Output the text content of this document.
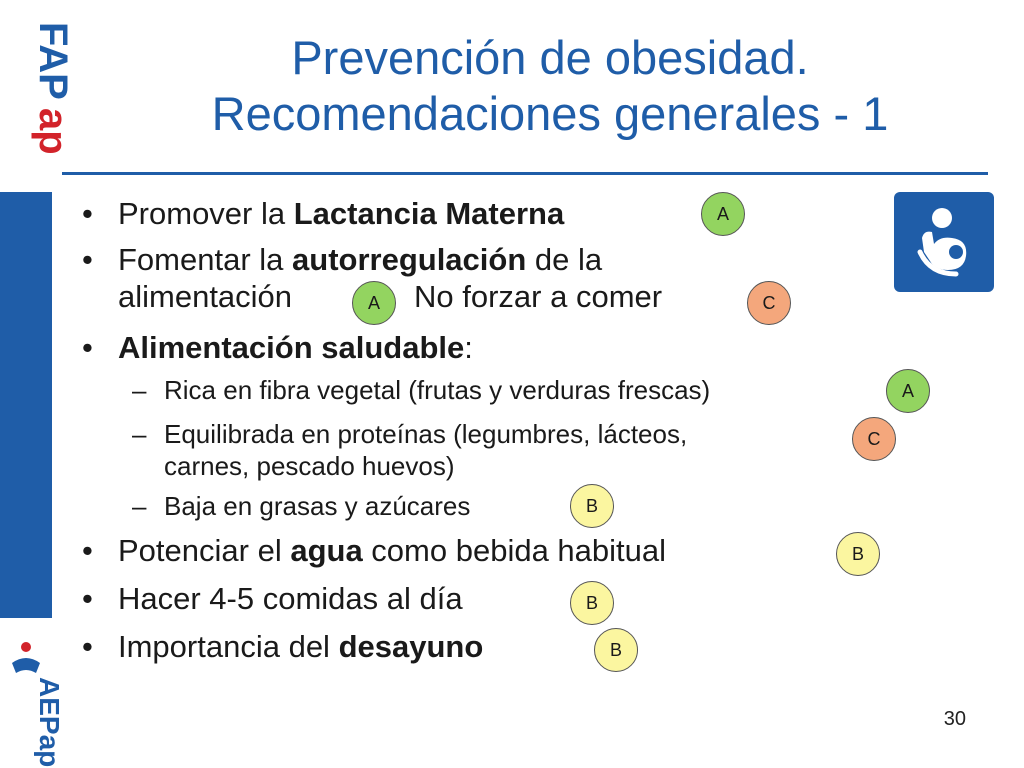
FAP
ap
AEPap
Prevención de obesidad.
Recomendaciones generales - 1
• Promover la Lactancia Materna	A
• Fomentar la autorregulación de la
alimentación	A	No forzar a comer	C
• Alimentación saludable:
– Rica en fibra vegetal (frutas y verduras frescas)	A
– Equilibrada en proteínas (legumbres, lácteos,
carnes, pescado huevos)
C
– Baja en grasas y azúcares	B
• Potenciar el agua como bebida habitual	B
• Hacer 4-5 comidas al día	B
• Importancia del desayuno	B
30
